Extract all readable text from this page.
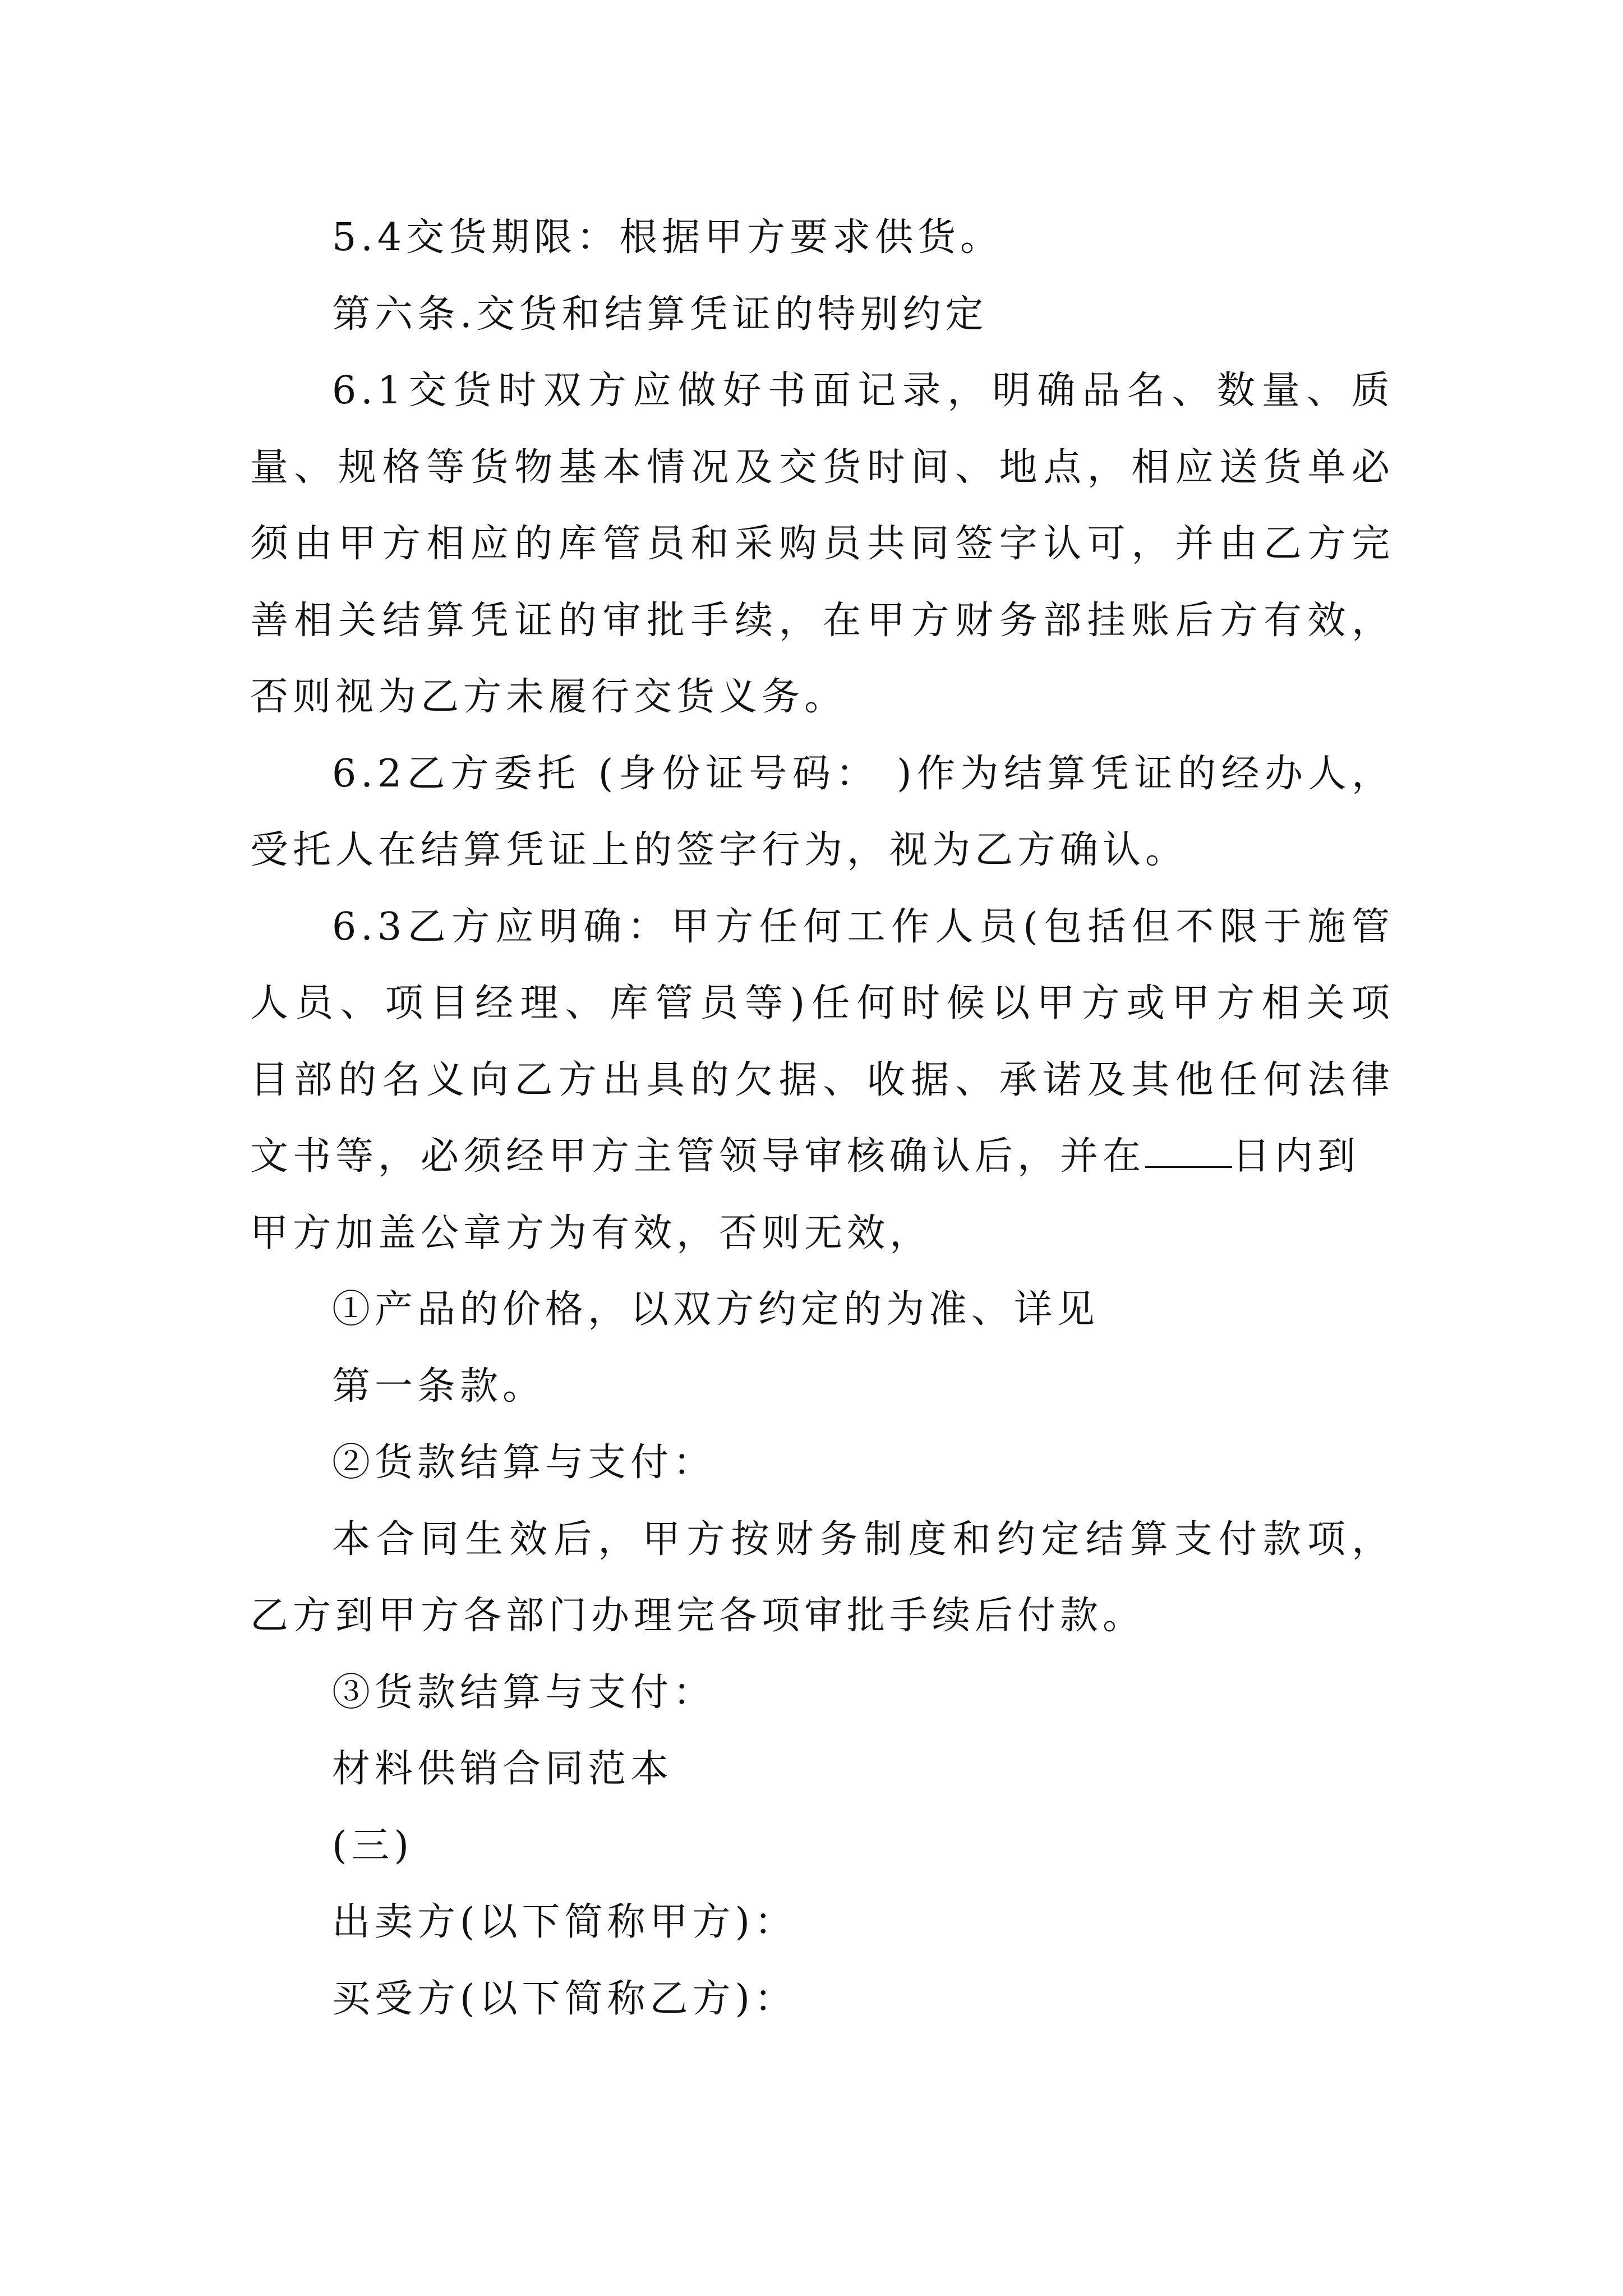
5.4交货期限：根据甲方要求供货。
第六条.交货和结算凭证的特别约定
6.1交货时双方应做好书面记录，明确品名、数量、质
量、规格等货物基本情况及交货时间、地点，相应送货单必
须由甲方相应的库管员和采购员共同签字认可，并由乙方完
善相关结算凭证的审批手续，在甲方财务部挂账后方有效，
否则视为乙方未履行交货义务。
6.2乙方委托 (身份证号码： )作为结算凭证的经办人，
受托人在结算凭证上的签字行为，视为乙方确认。
6.3乙方应明确：甲方任何工作人员(包括但不限于施管
人员、项目经理、库管员等)任何时候以甲方或甲方相关项
目部的名义向乙方出具的欠据、收据、承诺及其他任何法律
文书等，必须经甲方主管领导审核确认后，并在 日内到
甲方加盖公章方为有效，否则无效，
①产品的价格，以双方约定的为准、详见
第一条款。
②货款结算与支付：
本合同生效后，甲方按财务制度和约定结算支付款项，
乙方到甲方各部门办理完各项审批手续后付款。
③货款结算与支付：
材料供销合同范本
(三)
出卖方(以下简称甲方)：
买受方(以下简称乙方)：
